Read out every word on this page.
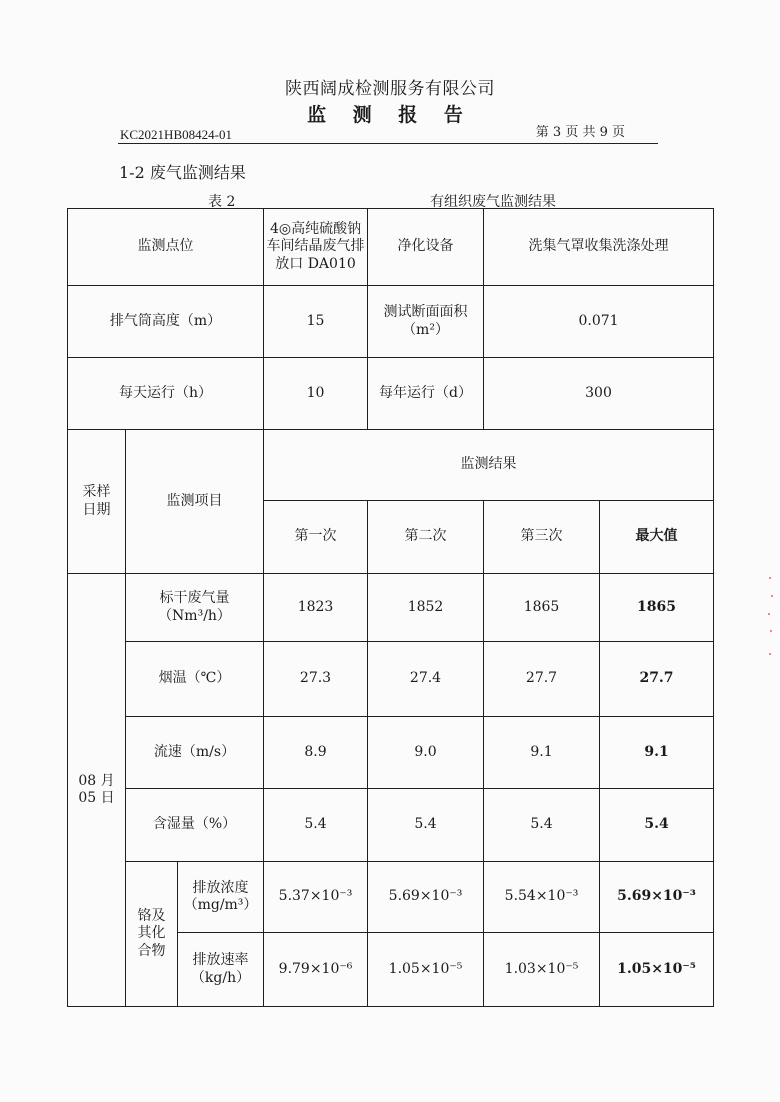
陕西阔成检测服务有限公司
监 测 报 告
KC2021HB08424-01	第 3 页 共 9 页
1-2 废气监测结果
表 2	有组织废气监测结果
监测点位			4◎高纯硫酸钠车间结晶废气排放口 DA010	净化设备	洗集气罩收集洗涤处理	
排气筒高度（m）			15	测试断面面积（m²）	0.071	
每天运行（h）			10	每年运行（d）	300	
采样日期	监测项目		监测结果			
			第一次	第二次	第三次	最大值
08 月 05 日	标干废气量（Nm³/h）		1823	1852	1865	1865
	烟温（℃）		27.3	27.4	27.7	27.7
	流速（m/s）		8.9	9.0	9.1	9.1
	含湿量（%）		5.4	5.4	5.4	5.4
	铬及其化合物	排放浓度（mg/m³）	5.37×10⁻³	5.69×10⁻³	5.54×10⁻³	5.69×10⁻³
		排放速率（kg/h）	9.79×10⁻⁶	1.05×10⁻⁵	1.03×10⁻⁵	1.05×10⁻⁵
